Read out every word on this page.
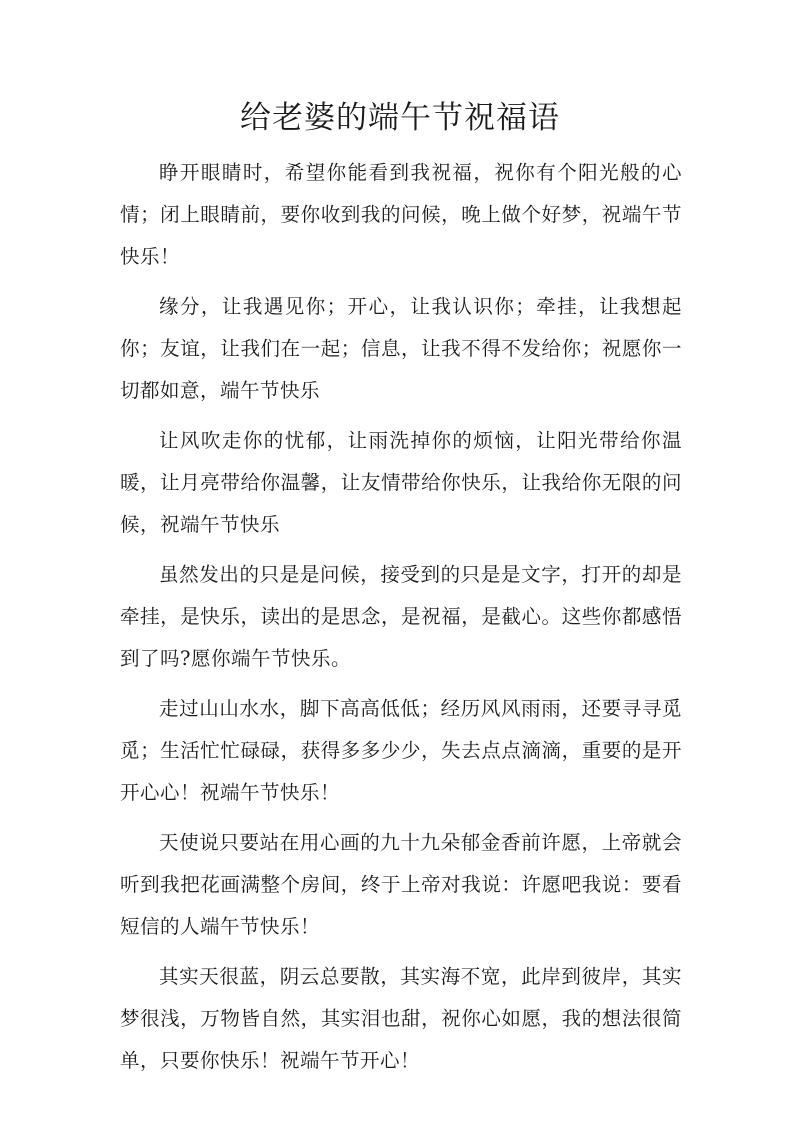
给老婆的端午节祝福语

睁开眼睛时，希望你能看到我祝福，祝你有个阳光般的心情；闭上眼睛前，要你收到我的问候，晚上做个好梦，祝端午节快乐！

缘分，让我遇见你；开心，让我认识你；牵挂，让我想起你；友谊，让我们在一起；信息，让我不得不发给你；祝愿你一切都如意，端午节快乐

让风吹走你的忧郁，让雨洗掉你的烦恼，让阳光带给你温暖，让月亮带给你温馨，让友情带给你快乐，让我给你无限的问候，祝端午节快乐

虽然发出的只是是问候，接受到的只是是文字，打开的却是牵挂，是快乐，读出的是思念，是祝福，是截心。这些你都感悟到了吗?愿你端午节快乐。

走过山山水水，脚下高高低低；经历风风雨雨，还要寻寻觅觅；生活忙忙碌碌，获得多多少少，失去点点滴滴，重要的是开开心心！祝端午节快乐！

天使说只要站在用心画的九十九朵郁金香前许愿，上帝就会听到我把花画满整个房间，终于上帝对我说：许愿吧我说：要看短信的人端午节快乐！

其实天很蓝，阴云总要散，其实海不宽，此岸到彼岸，其实梦很浅，万物皆自然，其实泪也甜，祝你心如愿，我的想法很简单，只要你快乐！祝端午节开心！
